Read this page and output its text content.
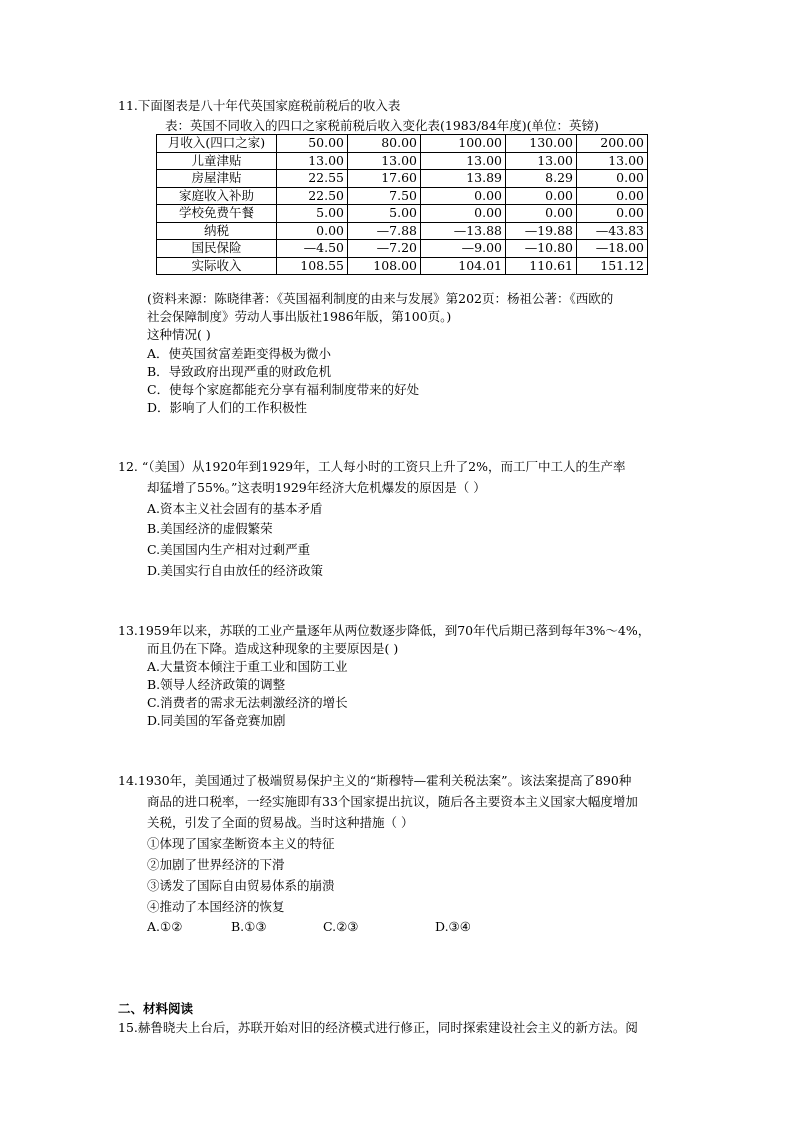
11.下面图表是八十年代英国家庭税前税后的收入表
表：英国不同收入的四口之家税前税后收入变化表(1983/84年度)(单位：英镑)
月收入(四口之家)	50.00	80.00	100.00	130.00	200.00
儿童津贴	13.00	13.00	13.00	13.00	13.00
房屋津贴	22.55	17.60	13.89	8.29	0.00
家庭收入补助	22.50	7.50	0.00	0.00	0.00
学校免费午餐	5.00	5.00	0.00	0.00	0.00
纳税	0.00	—7.88	—13.88	—19.88	—43.83
国民保险	—4.50	—7.20	—9.00	—10.80	—18.00
实际收入	108.55	108.00	104.01	110.61	151.12
(资料来源：陈晓律著：《英国福利制度的由来与发展》第202页：杨祖公著：《西欧的
社会保障制度》劳动人事出版社1986年版，第100页。)
这种情况( )
A．使英国贫富差距变得极为微小
B．导致政府出现严重的财政危机
C．使每个家庭都能充分享有福利制度带来的好处
D．影响了人们的工作积极性
12. “（美国）从1920年到1929年，工人每小时的工资只上升了2%，而工厂中工人的生产率
却猛增了55%。”这表明1929年经济大危机爆发的原因是（ ）
A.资本主义社会固有的基本矛盾
B.美国经济的虚假繁荣
C.美国国内生产相对过剩严重
D.美国实行自由放任的经济政策
13.1959年以来，苏联的工业产量逐年从两位数逐步降低，到70年代后期已落到每年3%～4%，
而且仍在下降。造成这种现象的主要原因是( )
A.大量资本倾注于重工业和国防工业
B.领导人经济政策的调整
C.消费者的需求无法刺激经济的增长
D.同美国的军备竞赛加剧
14.1930年，美国通过了极端贸易保护主义的“斯穆特—霍利关税法案”。该法案提高了890种
商品的进口税率，一经实施即有33个国家提出抗议，随后各主要资本主义国家大幅度增加
关税，引发了全面的贸易战。当时这种措施（ ）
①体现了国家垄断资本主义的特征
②加剧了世界经济的下滑
③诱发了国际自由贸易体系的崩溃
④推动了本国经济的恢复
A.①②	B.①③	C.②③	D.③④
二、材料阅读
15.赫鲁晓夫上台后，苏联开始对旧的经济模式进行修正，同时探索建设社会主义的新方法。阅
